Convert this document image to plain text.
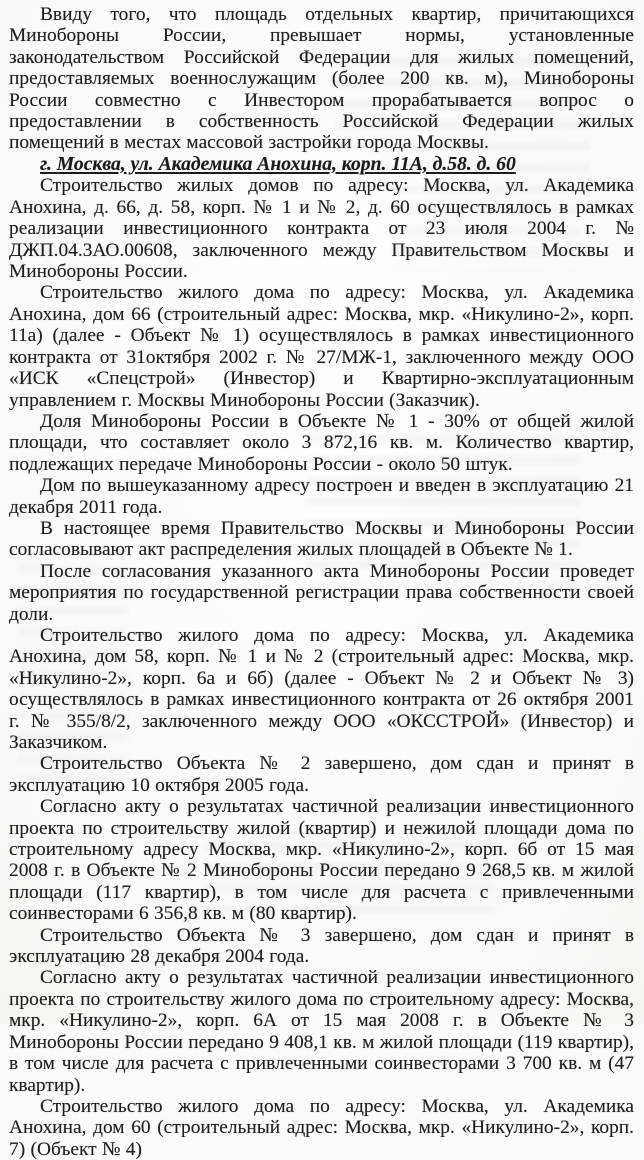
Ввиду того, что площадь отдельных квартир, причитающихся Минобороны России, превышает нормы, установленные законодательством Российской Федерации для жилых помещений, предоставляемых военнослужащим (более 200 кв. м), Минобороны России совместно с Инвестором прорабатывается вопрос о предоставлении в собственность Российской Федерации жилых помещений в местах массовой застройки города Москвы.

г. Москва, ул. Академика Анохина, корп. 11А, д.58. д. 60

Строительство жилых домов по адресу: Москва, ул. Академика Анохина, д. 66, д. 58, корп. № 1 и № 2, д. 60 осуществлялось в рамках реализации инвестиционного контракта от 23 июля 2004 г. № ДЖП.04.3АО.00608, заключенного между Правительством Москвы и Минобороны России.

Строительство жилого дома по адресу: Москва, ул. Академика Анохина, дом 66 (строительный адрес: Москва, мкр. «Никулино-2», корп. 11а) (далее - Объект № 1) осуществлялось в рамках инвестиционного контракта от 31октября 2002 г. № 27/МЖ-1, заключенного между ООО «ИСК «Спецстрой» (Инвестор) и Квартирно-эксплуатационным управлением г. Москвы Минобороны России (Заказчик).

Доля Минобороны России в Объекте № 1 - 30% от общей жилой площади, что составляет около 3 872,16 кв. м. Количество квартир, подлежащих передаче Минобороны России - около 50 штук.

Дом по вышеуказанному адресу построен и введен в эксплуатацию 21 декабря 2011 года.

В настоящее время Правительство Москвы и Минобороны России согласовывают акт распределения жилых площадей в Объекте № 1.

После согласования указанного акта Минобороны России проведет мероприятия по государственной регистрации права собственности своей доли.

Строительство жилого дома по адресу: Москва, ул. Академика Анохина, дом 58, корп. № 1 и № 2 (строительный адрес: Москва, мкр. «Никулино-2», корп. 6а и 6б) (далее - Объект № 2 и Объект № 3) осуществлялось в рамках инвестиционного контракта от 26 октября 2001 г. № 355/8/2, заключенного между ООО «ОКССТРОЙ» (Инвестор) и Заказчиком.

Строительство Объекта № 2 завершено, дом сдан и принят в эксплуатацию 10 октября 2005 года.

Согласно акту о результатах частичной реализации инвестиционного проекта по строительству жилой (квартир) и нежилой площади дома по строительному адресу Москва, мкр. «Никулино-2», корп. 6б от 15 мая 2008 г. в Объекте № 2 Минобороны России передано 9 268,5 кв. м жилой площади (117 квартир), в том числе для расчета с привлеченными соинвесторами 6 356,8 кв. м (80 квартир).

Строительство Объекта № 3 завершено, дом сдан и принят в эксплуатацию 28 декабря 2004 года.

Согласно акту о результатах частичной реализации инвестиционного проекта по строительству жилого дома по строительному адресу: Москва, мкр. «Никулино-2», корп. 6А от 15 мая 2008 г. в Объекте № 3 Минобороны России передано 9 408,1 кв. м жилой площади (119 квартир), в том числе для расчета с привлеченными соинвесторами 3 700 кв. м (47 квартир).

Строительство жилого дома по адресу: Москва, ул. Академика Анохина, дом 60 (строительный адрес: Москва, мкр. «Никулино-2», корп. 7) (Объект № 4)
